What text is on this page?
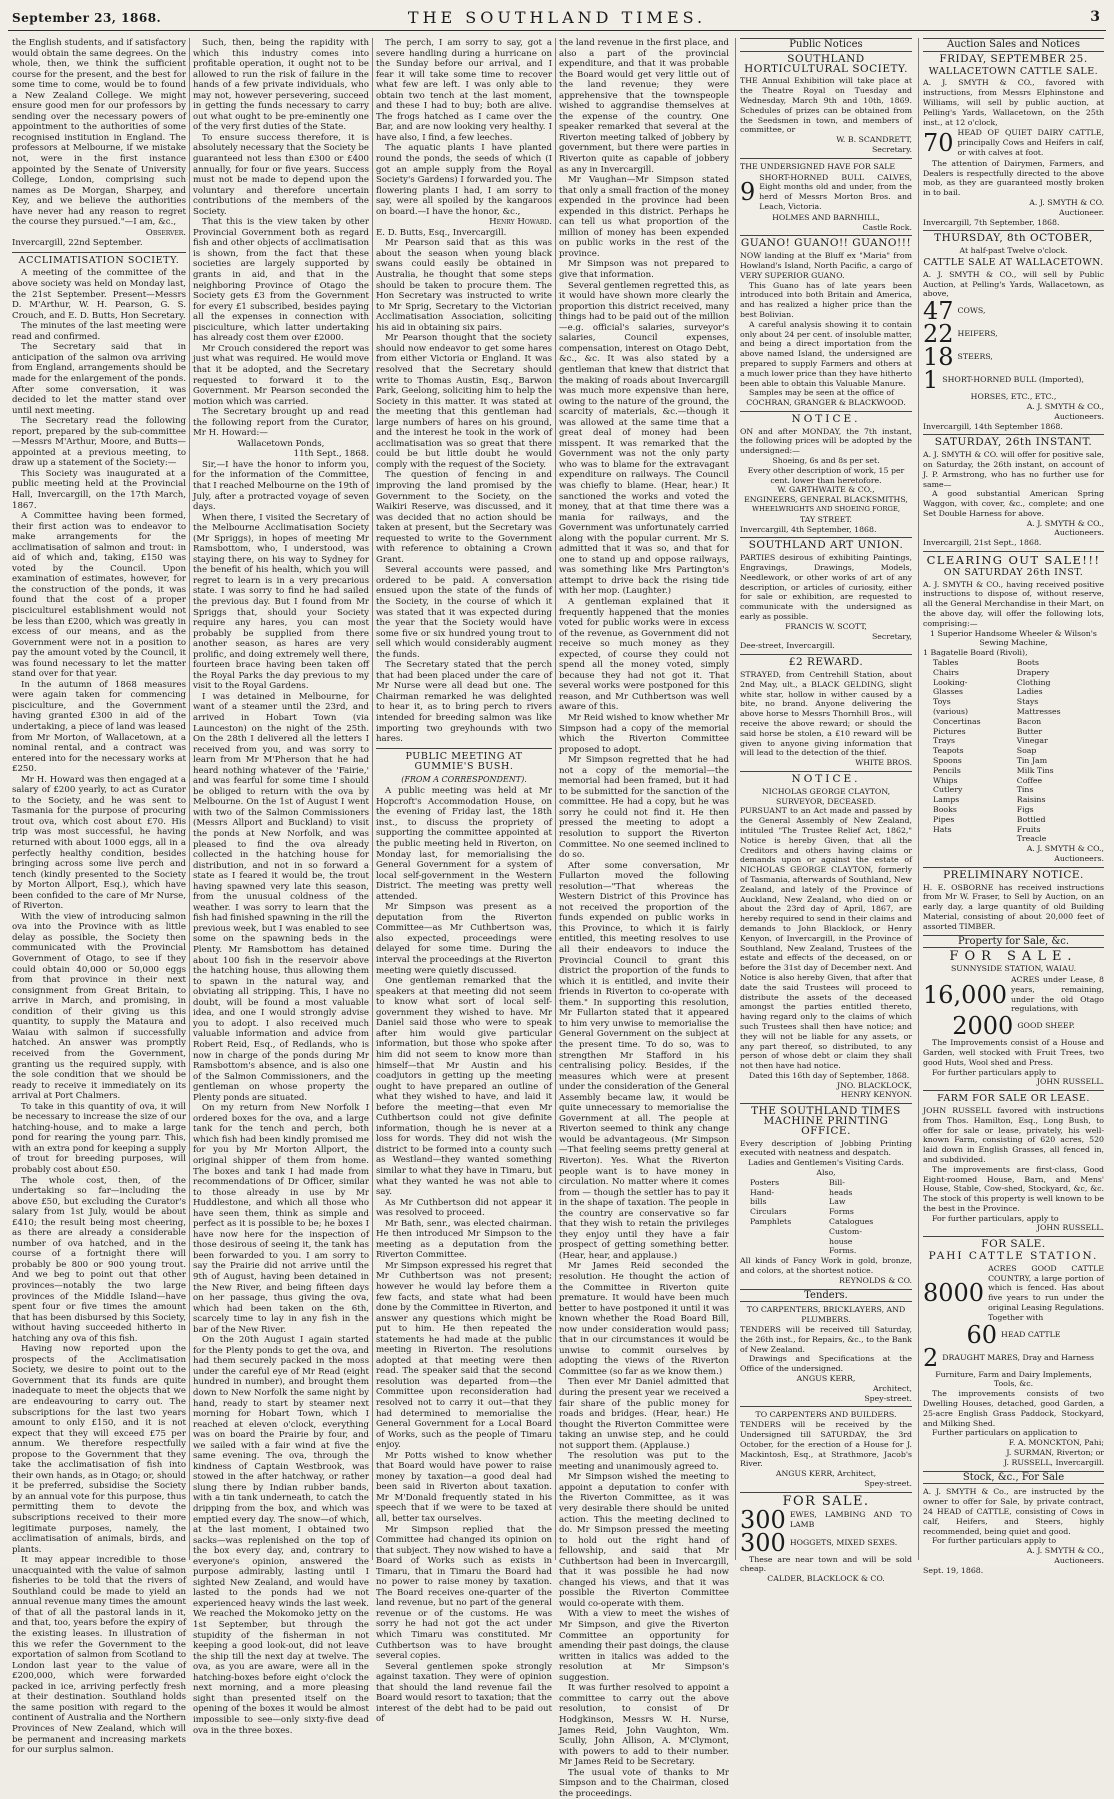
September 23, 1868.	THE SOUTHLAND TIMES.	3

the English students, and if satisfactory would obtain the same degrees. On the whole, then, we think the sufficient course for the present, and the best for some time to come, would be to found a New Zealand College. We might ensure good men for our professors by sending over the necessary powers of appointment to the authorities of some recognised institution in England. The professors at Melbourne, if we mistake not, were in the first instance appointed by the Senate of University College, London, comprising such names as De Morgan, Sharpey, and Key, and we believe the authorities have never had any reason to regret the course they pursued."—I am, &c.,

Observer.

Invercargill, 22nd September.

ACCLIMATISATION SOCIETY.

A meeting of the committee of the above society was held on Monday last, the 21st September. Present—Messrs D. M'Arthur, W. H. Pearson, G. S. Crouch, and E. D. Butts, Hon Secretary.

The minutes of the last meeting were read and confirmed.

The Secretary said that in anticipation of the salmon ova arriving from England, arrangements should be made for the enlargement of the ponds. After some conversation, it was decided to let the matter stand over until next meeting.

The Secretary read the following report, prepared by the sub-committee—Messrs M'Arthur, Moore, and Butts—appointed at a previous meeting, to draw up a statement of the Society:—

This Society was inaugurated at a public meeting held at the Provincial Hall, Invercargill, on the 17th March, 1867.

A Committee having been formed, their first action was to endeavor to make arrangements for the acclimatisation of salmon and trout: in aid of which and, taking, £150 was voted by the Council. Upon examination of estimates, however, for the construction of the ponds, it was found that the cost of a proper pisciculturel establishment would not be less than £200, which was greatly in excess of our means, and as the Government were not in a position to pay the amount voted by the Council, it was found necessary to let the matter stand over for that year.

In the autumn of 1868 measures were again taken for commencing pisciculture, and the Government having granted £300 in aid of the undertaking, a piece of land was leased from Mr Morton, of Wallacetown, at a nominal rental, and a contract was entered into for the necessary works at £250.

Mr H. Howard was then engaged at a salary of £200 yearly, to act as Curator to the Society, and he was sent to Tasmania for the purpose of procuring trout ova, which cost about £70. His trip was most successful, he having returned with about 1000 eggs, all in a perfectly healthy condition, besides bringing across some live perch and tench (kindly presented to the Society by Morton Allport, Esq.), which have been confided to the care of Mr Nurse, of Riverton.

With the view of introducing salmon ova into the Province with as little delay as possible, the Society then communicated with the Provincial Government of Otago, to see if they could obtain 40,000 or 50,000 eggs from that province in their next consignment from Great Britain, to arrive in March, and promising, in condition of their giving us this quantity, to supply the Mataura and Waiau with salmon if successfully hatched. An answer was promptly received from the Government, granting us the required supply, with the sole condition that we should be ready to receive it immediately on its arrival at Port Chalmers.

To take in this quantity of ova, it will be necessary to increase the size of our hatching-house, and to make a large pond for rearing the young parr. This, with an extra pond for keeping a supply of trout for breeding purposes, will probably cost about £50.

The whole cost, then, of the undertaking so far—including the above £50, but excluding the Curator's salary from 1st July, would be about £410; the result being most cheering, as there are already a considerable number of ova hatched, and in the course of a fortnight there will probably be 800 or 900 young trout. And we beg to point out that other provinces—notably the two large provinces of the Middle Island—have spent four or five times the amount that has been disbursed by this Society, without having succeeded hitherto in hatching any ova of this fish.

Having now reported upon the prospects of the Acclimatisation Society, we desire to point out to the Government that its funds are quite inadequate to meet the objects that we are endeavouring to carry out. The subscriptions for the last two years amount to only £150, and it is not expect that they will exceed £75 per annum. We therefore respectfully propose to the Government that they take the acclimatisation of fish into their own hands, as in Otago; or, should it be preferred, subsidise the Society by an annual vote for this purpose, thus permitting them to devote the subscriptions received to their more legitimate purposes, namely, the acclimatisation of animals, birds, and plants.

It may appear incredible to those unacquainted with the value of salmon fisheries to be told that the rivers of Southland could be made to yield an annual revenue many times the amount of that of all the pastoral lands in it, and that, too, years before the expiry of the existing leases. In illustration of this we refer the Government to the exportation of salmon from Scotland to London last year to the value of £200,000, which were forwarded packed in ice, arriving perfectly fresh at their destination. Southland holds the same position with regard to the continent of Australia and the Northern Provinces of New Zealand, which will be permanent and increasing markets for our surplus salmon.

Such, then, being the rapidity with which this industry comes into profitable operation, it ought not to be allowed to run the risk of failure in the hands of a few private individuals, who may not, however persevering, succeed in getting the funds necessary to carry out what ought to be pre-eminently one of the very first duties of the State.

To ensure success therefore, it is absolutely necessary that the Society be guaranteed not less than £300 or £400 annually, for four or five years. Success must not be made to depend upon the voluntary and therefore uncertain contributions of the members of the Society.

That this is the view taken by other Provincial Government both as regard fish and other objects of acclimatisation is shown, from the fact that these societies are largely supported by grants in aid, and that in the neighboring Province of Otago the Society gets £3 from the Government for every £1 subscribed, besides paying all the expenses in connection with pisciculture, which latter undertaking has already cost them over £2000.

Mr Crouch considered the report was just what was required. He would move that it be adopted, and the Secretary requested to forward it to the Government. Mr Pearson seconded the motion which was carried.

The Secretary brought up and read the following report from the Curator, Mr H. Howard:—

Wallacetown Ponds,

11th Sept., 1868.

Sir,—I have the honor to inform you, for the information of the Committee, that I reached Melbourne on the 19th of July, after a protracted voyage of seven days.

When there, I visited the Secretary of the Melbourne Acclimatisation Society (Mr Spriggs), in hopes of meeting Mr Ramsbottom, who, I understood, was staying there, on his way to Sydney for the benefit of his health, which you will regret to learn is in a very precarious state. I was sorry to find he had sailed the previous day. But I found from Mr Spriggs that, should your Society require any hares, you can most probably be supplied from there another season, as hares are very prolific, and doing extremely well there, fourteen brace having been taken off the Royal Parks the day previous to my visit to the Royal Gardens.

I was detained in Melbourne, for want of a steamer until the 23rd, and arrived in Hobart Town (via Launceston) on the night of the 25th. On the 28th I delivered all the letters I received from you, and was sorry to learn from Mr M'Pherson that he had heard nothing whatever of the 'Fairie,' and was fearful for some time I should be obliged to return with the ova by Melbourne. On the 1st of August I went with two of the Salmon Commissioners (Messrs Allport and Buckland) to visit the ponds at New Norfolk, and was pleased to find the ova already collected in the hatching house for distribution, and not in so forward a state as I feared it would be, the trout having spawned very late this season, from the unusual coldness of the weather. I was sorry to learn that the fish had finished spawning in the rill the previous week, but I was enabled to see some on the spawning beds in the Plenty. Mr Ramsbottom has detained about 100 fish in the reservoir above the hatching house, thus allowing them to spawn in the natural way, and obviating all stripping. This, I have no doubt, will be found a most valuable idea, and one I would strongly advise you to adopt. I also received much valuable information and advice from Robert Reid, Esq., of Redlands, who is now in charge of the ponds during Mr Ramsbottom's absence, and is also one of the Salmon Commissioners, and the gentleman on whose property the Plenty ponds are situated.

On my return from New Norfolk I ordered boxes for the ova, and a large tank for the tench and perch, both which fish had been kindly promised me for you by Mr Morton Allport, the original shipper of them from home. The boxes and tank I had made from recommendations of Dr Officer, similar to those already in use by Mr Huddlestone, and which all those who have seen them, think as simple and perfect as it is possible to be; he boxes I have now here for the inspection of those desirous of seeing it, the tank has been forwarded to you. I am sorry to say the Prairie did not arrive until the 9th of August, having been detained in the New River, and being fifteen days on her passage, thus giving the ova, which had been taken on the 6th, scarcely time to lay in any fish in the bar of the New River.

On the 20th August I again started for the Plenty ponds to get the ova, and had them securely packed in the moss under the careful eye of Mr Read (eight hundred in number), and brought them down to New Norfolk the same night by hand, ready to start by steamer next morning for Hobart Town, which I reached at eleven o'clock, everything was on board the Prairie by four, and we sailed with a fair wind at five the same evening. The ova, through the kindness of Captain Westbrook, was stowed in the after hatchway, or rather slung there by Indian rubber bands, with a tin tank underneath, to catch the dripping from the box, and which was emptied every day. The snow—of which, at the last moment, I obtained two sacks—was replenished on the top of the box every day, and, contrary to everyone's opinion, answered the purpose admirably, lasting until I sighted New Zealand, and would have lasted to the ponds had we not experienced heavy winds the last week. We reached the Mokomoko jetty on the 1st September, but through the stupidity of the fisherman in not keeping a good look-out, did not leave the ship till the next day at twelve. The ova, as you are aware, were all in the hatching-boxes before eight o'clock the next morning, and a more pleasing sight than presented itself on the opening of the boxes it would be almost impossible to see—only sixty-five dead ova in the three boxes.

The perch, I am sorry to say, got a severe handling during a hurricane on the Sunday before our arrival, and I fear it will take some time to recover what few are left. I was only able to obtain two tench at the last moment, and these I had to buy; both are alive. The frogs hatched as I came over the Bar, and are now looking very healthy. I have also, I find, a few leeches.

The aquatic plants I have planted round the ponds, the seeds of which (I got an ample supply from the Royal Society's Gardens) I forwarded you. The flowering plants I had, I am sorry to say, were all spoiled by the kangaroos on board.—I have the honor, &c.,

Henry Howard.

E. D. Butts, Esq., Invercargill.

Mr Pearson said that as this was about the season when young black swans could easily be obtained in Australia, he thought that some steps should be taken to procure them. The Hon Secretary was instructed to write to Mr Sprig, Secretary to the Victorian Acclimatisation Association, soliciting his aid in obtaining six pairs.

Mr Pearson thought that the society should now endeavor to get some hares from either Victoria or England. It was resolved that the Secretary should write to Thomas Austin, Esq., Barwon Park, Geelong, soliciting him to help the Society in this matter. It was stated at the meeting that this gentleman had large numbers of hares on his ground, and the interest he took in the work of acclimatisation was so great that there could be but little doubt he would comply with the request of the Society.

The question of fencing in and improving the land promised by the Government to the Society, on the Waikiri Reserve, was discussed, and it was decided that no action should be taken at present, but the Secretary was requested to write to the Government with reference to obtaining a Crown Grant.

Several accounts were passed, and ordered to be paid. A conversation ensued upon the state of the funds of the Society, in the course of which it was stated that it was expected during the year that the Society would have some five or six hundred young trout to sell which would considerably augment the funds.

The Secretary stated that the perch that had been placed under the care of Mr Nurse were all dead but one. The Chairman remarked he was delighted to hear it, as to bring perch to rivers intended for breeding salmon was like importing two greyhounds with two hares.

PUBLIC MEETING AT GUMMIE'S BUSH.
(FROM A CORRESPONDENT).

A public meeting was held at Mr Hopcroft's Accommodation House, on the evening of Friday last, the 18th inst., to discuss the propriety of supporting the committee appointed at the public meeting held in Riverton, on Monday last, for memorialising the General Government for a system of local self-government in the Western District. The meeting was pretty well attended.

Mr Simpson was present as a deputation from the Riverton Committee—as Mr Cuthbertson was, also expected, proceedings were delayed for some time. During the interval the proceedings at the Riverton meeting were quietly discussed.

One gentleman remarked that the speakers at that meeting did not seem to know what sort of local self-government they wished to have. Mr Daniel said those who were to speak after him would give particular information, but those who spoke after him did not seem to know more than himself—that Mr Austin and his coadjutors in getting up the meeting ought to have prepared an outline of what they wished to have, and laid it before the meeting—that even Mr Cuthbertson could not give definite information, though he is never at a loss for words. They did not wish the district to be formed into a county such as Westland—they wanted something similar to what they have in Timaru, but what they wanted he was not able to say.

As Mr Cuthbertson did not appear it was resolved to proceed.

Mr Bath, senr., was elected chairman. He then introduced Mr Simpson to the meeting as a deputation from the Riverton Committee.

Mr Simpson expressed his regret that Mr Cuthbertson was not present; however he would lay before them a few facts, and state what had been done by the Committee in Riverton, and answer any questions which might be put to him. He then repeated the statements he had made at the public meeting in Riverton. The resolutions adopted at that meeting were then read. The speaker said that the second resolution was departed from—the Committee upon reconsideration had resolved not to carry it out—that they had determined to memorialise the General Government for a Local Board of Works, such as the people of Timaru enjoy.

Mr Potts wished to know whether that Board would have power to raise money by taxation—a good deal had been said in Riverton about taxation. Mr M'Donald frequently stated in his speech that if we were to be taxed at all, better tax ourselves.

Mr Simpson replied that the Committee had changed its opinion on that subject. They now wished to have a Board of Works such as exists in Timaru, that in Timaru the Board had no power to raise money by taxation. The Board receives one-quarter of the land revenue, but no part of the general revenue or of the customs. He was sorry he had not got the act under which Timaru was constituted. Mr Cuthbertson was to have brought several copies.

Several gentlemen spoke strongly against taxation. They were of opinion that should the land revenue fail the Board would resort to taxation; that the interest of the debt had to be paid out of

the land revenue in the first place, and also a part of the provincial expenditure, and that it was probable the Board would get very little out of the land revenue; they were apprehensive that the townspeople wished to aggrandise themselves at the expense of the country. One speaker remarked that several at the Riverton meeting talked of jobbery by government, but there were parties in Riverton quite as capable of jobbery as any in Invercargill.

Mr Vaughan—Mr Simpson stated that only a small fraction of the money expended in the province had been expended in this district. Perhaps he can tell us what proportion of the million of money has been expended on public works in the rest of the province.

Mr Simpson was not prepared to give that information.

Several gentlemen regretted this, as it would have shown more clearly the proportion this district received, many things had to be paid out of the million—e.g. official's salaries, surveyor's salaries, Council expenses, compensation, interest on Otago Debt, &c., &c. It was also stated by a gentleman that knew that district that the making of roads about Invercargill was much more expensive than here, owing to the nature of the ground, the scarcity of materials, &c.—though it was allowed at the same time that a great deal of money had been misspent. It was remarked that the Government was not the only party who was to blame for the extravagant expenditure on railways. The Council was chiefly to blame. (Hear, hear.) It sanctioned the works and voted the money, that at that time there was a mania for railways, and the Government was unfortunately carried along with the popular current. Mr S. admitted that it was so, and that for one to stand up and oppose railways, was something like Mrs Partington's attempt to drive back the rising tide with her mop. (Laughter.)

A gentleman explained that it frequently happened that the monies voted for public works were in excess of the revenue, as Government did not receive so much money as they expected, of course they could not spend all the money voted, simply because they had not got it. That several works were postponed for this reason, and Mr Cuthbertson was well aware of this.

Mr Reid wished to know whether Mr Simpson had a copy of the memorial which the Riverton Committee proposed to adopt.

Mr Simpson regretted that he had not a copy of the memorial—the memorial had been framed, but it had to be submitted for the sanction of the committee. He had a copy, but he was sorry he could not find it. He then pressed the meeting to adopt a resolution to support the Riverton Committee. No one seemed inclined to do so.

After some conversation, Mr Fullarton moved the following resolution—"That whereas the Western District of this Province has not received the proportion of the funds expended on public works in this Province, to which it is fairly entitled, this meeting resolves to use all their endeavors to induce the Provincial Council to grant this district the proportion of the funds to which it is entitled, and invite their friends in Riverton to co-operate with them." In supporting this resolution, Mr Fullarton stated that it appeared to him very unwise to memorialise the General Government on the subject at the present time. To do so, was to strengthen Mr Stafford in his centralising policy. Besides, if the measures which were at present under the consideration of the General Assembly became law, it would be quite unnecessary to memorialise the Government at all. The people at Riverton seemed to think any change would be advantageous. (Mr Simpson—That feeling seems pretty general at Riverton). Yes. What the Riverton people want is to have money in circulation. No matter where it comes from — though the settler has to pay it in the shape of taxation. The people in the country are conservative so far that they wish to retain the privileges they enjoy until they have a fair prospect of getting something better. (Hear, hear, and applause.)

Mr James Reid seconded the resolution. He thought the action of the Committee in Riverton quite premature. It would have been much better to have postponed it until it was known whether the Road Board Bill, now under consideration would pass; that in our circumstances it would be unwise to commit ourselves by adopting the views of the Riverton Committee (so far as we know them.)

Then ever Mr Daniel admitted that during the present year we received a fair share of the public money for roads and bridges. (Hear, hear.) He thought the Riverton Committee were taking an unwise step, and he could not support them. (Applause.)

The resolution was put to the meeting and unanimously agreed to.

Mr Simpson wished the meeting to appoint a deputation to confer with the Riverton Committee, as it was very desirable there should be united action. This the meeting declined to do. Mr Simpson pressed the meeting to hold out the right hand of fellowship, and said that Mr Cuthbertson had been in Invercargill, that it was possible he had now changed his views, and that it was possible the Riverton Committee would co-operate with them.

With a view to meet the wishes of Mr Simpson, and give the Riverton Committee an opportunity for amending their past doings, the clause written in italics was added to the resolution at Mr Simpson's suggestion.

It was further resolved to appoint a committee to carry out the above resolution, to consist of Dr Hodgkinson, Messrs W. H. Nurse, James Reid, John Vaughton, Wm. Scully, John Allison, A. M'Clymont, with powers to add to their number. Mr James Reid to be Secretary.

The usual vote of thanks to Mr Simpson and to the Chairman, closed the proceedings.

Public Notices
SOUTHLAND HORTICULTURAL SOCIETY.

THE Annual Exhibition will take place at the Theatre Royal on Tuesday and Wednesday, March 9th and 10th, 1869. Schedules of prizes can be obtained from the Seedsmen in town, and members of committee, or

W. B. SCANDRETT,

Secretary.

THE UNDERSIGNED HAVE FOR SALE

9
SHORT-HORNED BULL CALVES, Eight months old and under, from the herd of Messrs Morton Bros. and Leach, Victoria.

HOLMES AND BARNHILL,

Castle Rock.

GUANO! GUANO!! GUANO!!!

NOW landing at the Bluff ex "Maria" from Howland's Island, North Pacific, a cargo of VERY SUPERIOR GUANO.

This Guano has of late years been introduced into both Britain and America, and has realized a higher price than the best Bolivian.

A careful analysis showing it to contain only about 24 per cent. of insoluble matter, and being a direct importation from the above named Island, the undersigned are prepared to supply Farmers and others at a much lower price than they have hitherto been able to obtain this Valuable Manure.

Samples may be seen at the office of

COCHRAN, GRANGER & BLACKWOOD.

NOTICE.

ON and after MONDAY, the 7th instant, the following prices will be adopted by the undersigned:—

Shoeing, 6s and 8s per set.

Every other description of work, 15 per cent. lower than heretofore.

W. GARTHWAITE & CO.,

ENGINEERS, GENERAL BLACKSMITHS,

WHEELWRIGHTS AND SHOEING FORGE,

TAY STREET.

Invercargill, 4th September, 1868.

SOUTHLAND ART UNION.

PARTIES desirous of exhibiting Paintings, Engravings, Drawings, Models, Needlework, or other works of art of any description, or articles of curiosity, either for sale or exhibition, are requested to communicate with the undersigned as early as possible.

FRANCIS W. SCOTT,

Secretary,

Dee-street, Invercargill.

£2 REWARD.

STRAYED, from Centrehill Station, about 2nd May, ult., a BLACK GELDING, slight white star, hollow in wither caused by a bite, no brand. Anyone delivering the above horse to Messrs Thornhill Bros., will receive the above reward; or should the said horse be stolen, a £10 reward will be given to anyone giving information that will lead to the detection of the thief.

WHITE BROS.

NOTICE.

NICHOLAS GEORGE CLAYTON, SURVEYOR, DECEASED.

PURSUANT to an Act made and passed by the General Assembly of New Zealand, intituled "The Trustee Relief Act, 1862," Notice is hereby Given, that all the Creditors and others having claims or demands upon or against the estate of NICHOLAS GEORGE CLAYTON, formerly of Tasmania, afterwards of Southland, New Zealand, and lately of the Province of Auckland, New Zealand, who died on or about the 23rd day of April, 1867, are hereby required to send in their claims and demands to John Blacklock, or Henry Kenyon, of Invercargill, in the Province of Southland, New Zealand, Trustees of the estate and effects of the deceased, on or before the 31st day of December next. And Notice is also hereby Given, that after that date the said Trustees will proceed to distribute the assets of the deceased amongst the parties entitled thereto, having regard only to the claims of which such Trustees shall then have notice; and they will not be liable for any assets, or any part thereof, so distributed, to any person of whose debt or claim they shall not then have had notice.

Dated this 16th day of September, 1868.

JNO. BLACKLOCK,

HENRY KENYON.

THE SOUTHLAND TIMES MACHINE PRINTING OFFICE.

Every description of Jobbing Printing executed with neatness and despatch.

Ladies and Gentlemen's Visiting Cards.

Also,

Posters
Hand-bills
Circulars
Pamphlets
Bill-heads
Law Forms
Catalogues
Custom-house Forms.

All kinds of Fancy Work in gold, bronze, and colors, at the shortest notice.

REYNOLDS & CO.

Tenders.

TO CARPENTERS, BRICKLAYERS, AND PLUMBERS.

TENDERS will be received till Saturday, the 26th inst., for Repairs, &c., to the Bank of New Zealand.

Drawings and Specifications at the Office of the undersigned.

ANGUS KERR,

Architect,

Spey-street.

TO CARPENTERS AND BUILDERS.

TENDERS will be received by the Undersigned till SATURDAY, the 3rd October, for the erection of a House for J. Mackintosh, Esq., at Strathmore, Jacob's River.

ANGUS KERR, Architect,

Spey-street.

FOR SALE.
300 EWES, LAMBING AND TO LAMB
300 HOGGETS, MIXED SEXES.

These are near town and will be sold cheap.

CALDER, BLACKLOCK & CO.

Auction Sales and Notices
FRIDAY, SEPTEMBER 25.
WALLACETOWN CATTLE SALE.

A. J. SMYTH & CO., favored with instructions, from Messrs Elphinstone and Williams, will sell by public auction, at Pelling's Yards, Wallacetown, on the 25th inst., at 12 o'clock,

70 HEAD OF QUIET DAIRY CATTLE, principally Cows and Heifers in calf, or with calves at foot.

The attention of Dairymen, Farmers, and Dealers is respectfully directed to the above mob, as they are guaranteed mostly broken in to bail.

A. J. SMYTH & CO.

Auctioneer.

Invercargill, 7th September, 1868.

THURSDAY, 8th OCTOBER,

At half-past Twelve o'clock.

CATTLE SALE AT WALLACETOWN.

A. J. SMYTH & CO., will sell by Public Auction, at Pelling's Yards, Wallacetown, as above,

47 COWS,
22 HEIFERS,
18 STEERS,
1 SHORT-HORNED BULL (Imported),

HORSES, ETC., ETC.,

A. J. SMYTH & CO.,

Auctioneers.

Invercargill, 14th September 1868.

SATURDAY, 26th INSTANT.

A. J. SMYTH & CO. will offer for positive sale, on Saturday, the 26th instant, on account of J. P. Armstrong, who has no further use for same—

A good substantial American Spring Waggon, with cover, &c., complete; and one Set Double Harness for above.

A. J. SMYTH & CO.,

Auctioneers.

Invercargill, 21st Sept., 1868.

CLEARING OUT SALE!!!
ON SATURDAY 26th INST.

A. J. SMYTH & CO., having received positive instructions to dispose of, without reserve, all the General Merchandise in their Mart, on the above day, will offer the following lots, comprising:—

1 Superior Handsome Wheeler & Wilson's Sewing Machine,

1 Bagatelle Board (Rivoli),

Tables
Chairs
Looking-Glasses
Toys (various)
Concertinas
Pictures
Trays
Teapots
Spoons
Pencils
Whips
Cutlery
Lamps
Books
Pipes
Hats
Boots
Drapery
Clothing
Ladies Stays
Mattresses
Bacon
Butter
Vinegar
Soap
Tin Jam
Milk Tins
Coffee Tins
Raisins
Figs
Bottled Fruits
Treacle

A. J. SMYTH & CO.,

Auctioneers.

PRELIMINARY NOTICE.

H. E. OSBORNE has received instructions from Mr W. Fraser, to Sell by Auction, on an early day, a large quantity of old Building Material, consisting of about 20,000 feet of assorted TIMBER.

Property for Sale, &c.
FOR SALE.

SUNNYSIDE STATION, WAIAU.

16,000
ACRES under Lease, 8 years, remaining, under the old Otago regulations, with
2000 GOOD SHEEP.

The Improvements consist of a House and Garden, well stocked with Fruit Trees, two good Huts, Wool shed and Press.

For further particulars apply to

JOHN RUSSELL.

FARM FOR SALE OR LEASE.

JOHN RUSSELL favored with instructions from Thos. Hamilton, Esq., Long Bush, to offer for sale or lease, privately, his well-known Farm, consisting of 620 acres, 520 laid down in English Grasses, all fenced in, and subdivided.

The improvements are first-class, Good Eight-roomed House, Barn, and Mens' House, Stable, Cow-shed, Stockyard, &c, &c. The stock of this property is well known to be the best in the Province.

For further particulars, apply to

JOHN RUSSELL.

FOR SALE.
PAHI CATTLE STATION.
8000
ACRES GOOD CATTLE COUNTRY, a large portion of which is fenced. Has about five years to run under the original Leasing Regulations. Together with
60 HEAD CATTLE
2 DRAUGHT MARES, Dray and Harness

Furniture, Farm and Dairy Implements, Tools, &c.

The improvements consists of two Dwelling Houses, detached, good Garden, a 25-acre English Grass Paddock, Stockyard, and Milking Shed.

Further particulars on application to

F. A. MONCKTON, Pahi;

J. SURMAN, Riverton; or

J. RUSSELL, Invercargill.

Stock, &c., For Sale

A. J. SMYTH & Co., are instructed by the owner to offer for Sale, by private contract, 24 HEAD of CATTLE, consisting of Cows in calf, Heifers, and Steers, highly recommended, being quiet and good.

For further particulars apply to

A. J. SMYTH & CO.,

Auctioneers.

Sept. 19, 1868.
